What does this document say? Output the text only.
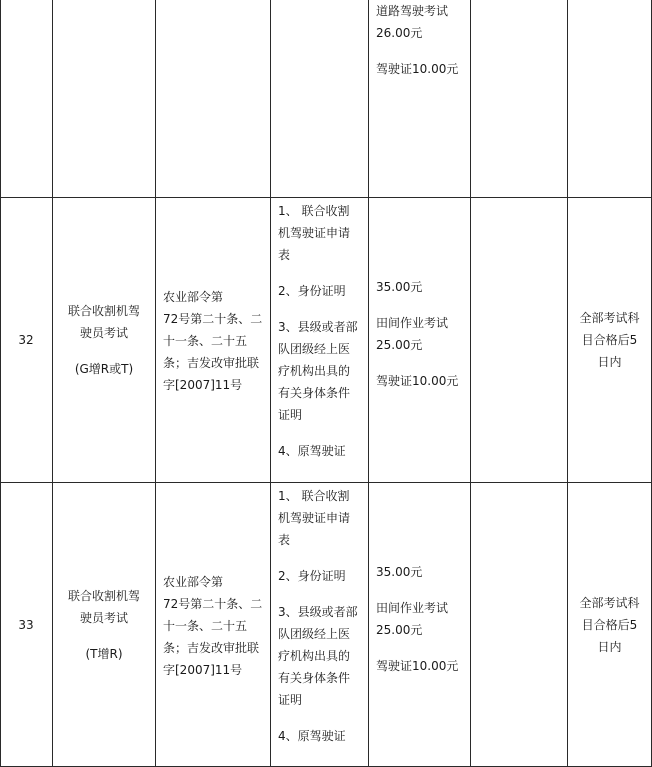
道路驾驶考试
26.00元

驾驶证10.00元

32

联合收割机驾
驶员考试

(G增R或T)

农业部令第
72号第二十条、二
十一条、二十五
条；吉发改审批联
字[2007]11号

1、 联合收割
机驾驶证申请
表

2、身份证明

3、县级或者部
队团级经上医
疗机构出具的
有关身体条件
证明

4、原驾驶证

35.00元

田间作业考试
25.00元

驾驶证10.00元

全部考试科
目合格后5
日内

33

联合收割机驾
驶员考试

(T增R)

农业部令第
72号第二十条、二
十一条、二十五
条；吉发改审批联
字[2007]11号

1、 联合收割
机驾驶证申请
表

2、身份证明

3、县级或者部
队团级经上医
疗机构出具的
有关身体条件
证明

4、原驾驶证

35.00元

田间作业考试
25.00元

驾驶证10.00元

全部考试科
目合格后5
日内
